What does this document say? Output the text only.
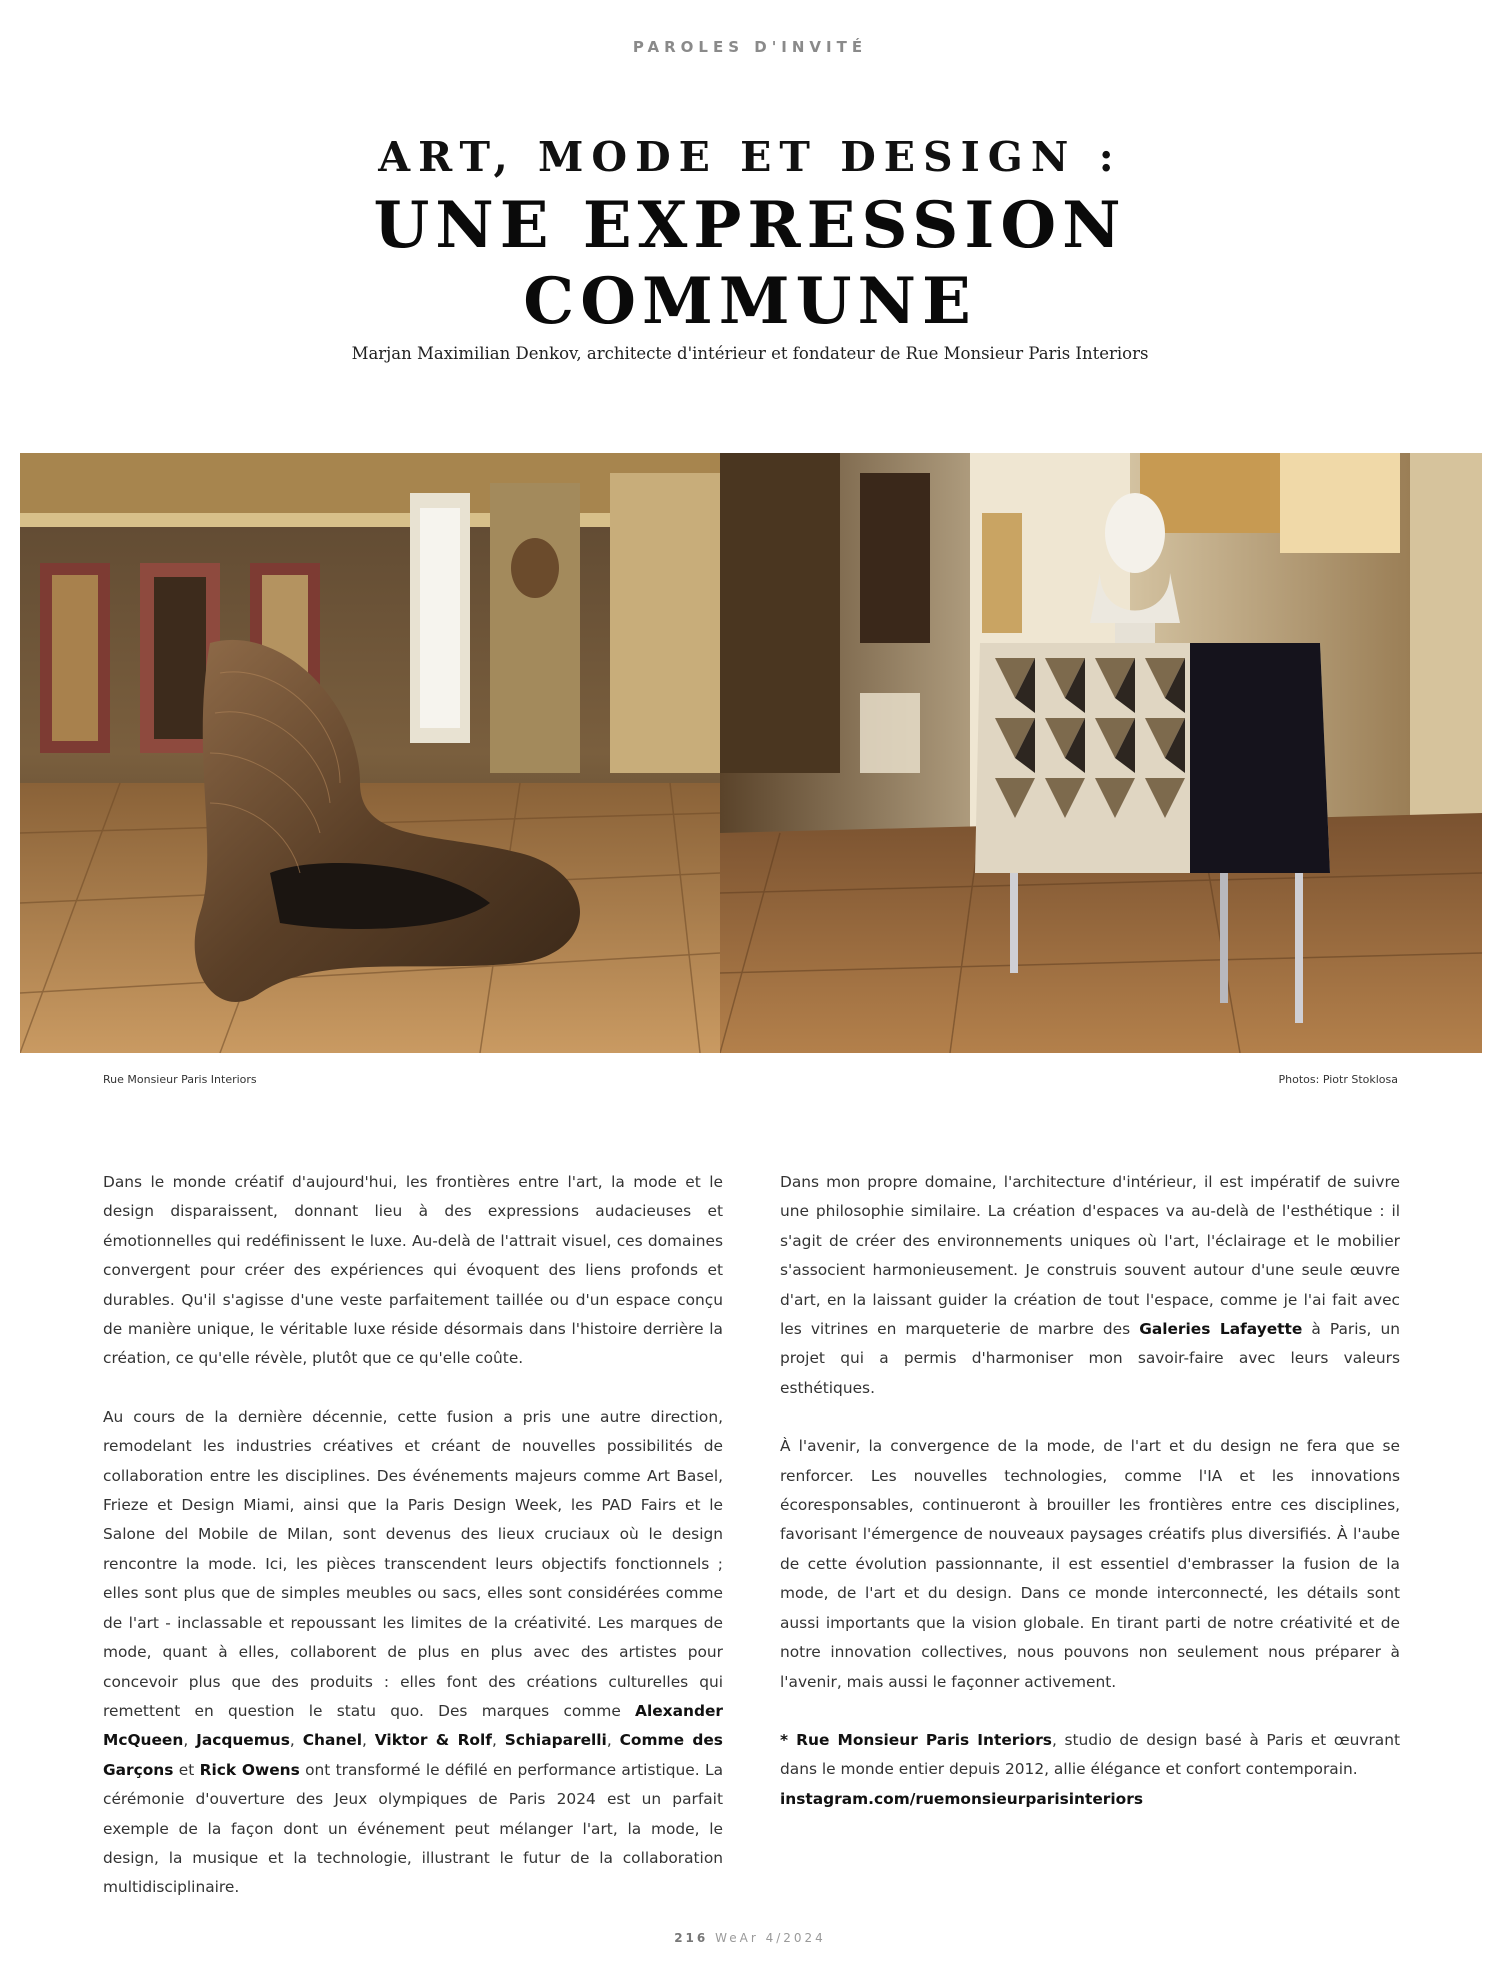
PAROLES D'INVITÉ
ART, MODE ET DESIGN :
UNE EXPRESSION
COMMUNE
Marjan Maximilian Denkov, architecte d'intérieur et fondateur de Rue Monsieur Paris Interiors
Rue Monsieur Paris Interiors	Photos: Piotr Stoklosa

Dans le monde créatif d'aujourd'hui, les frontières entre l'art, la mode et le design disparaissent, donnant lieu à des expressions audacieuses et émotionnelles qui redéfinissent le luxe. Au-delà de l'attrait visuel, ces domaines convergent pour créer des expériences qui évoquent des liens profonds et durables. Qu'il s'agisse d'une veste parfaitement taillée ou d'un espace conçu de manière unique, le véritable luxe réside désormais dans l'histoire derrière la création, ce qu'elle révèle, plutôt que ce qu'elle coûte.

Au cours de la dernière décennie, cette fusion a pris une autre direction, remodelant les industries créatives et créant de nouvelles possibilités de collaboration entre les disciplines. Des événements majeurs comme Art Basel, Frieze et Design Miami, ainsi que la Paris Design Week, les PAD Fairs et le Salone del Mobile de Milan, sont devenus des lieux cruciaux où le design rencontre la mode. Ici, les pièces transcendent leurs objectifs fonctionnels ; elles sont plus que de simples meubles ou sacs, elles sont considérées comme de l'art - inclassable et repoussant les limites de la créativité. Les marques de mode, quant à elles, collaborent de plus en plus avec des artistes pour concevoir plus que des produits : elles font des créations culturelles qui remettent en question le statu quo. Des marques comme Alexander McQueen, Jacquemus, Chanel, Viktor & Rolf, Schiaparelli, Comme des Garçons et Rick Owens ont transformé le défilé en performance artistique. La cérémonie d'ouverture des Jeux olympiques de Paris 2024 est un parfait exemple de la façon dont un événement peut mélanger l'art, la mode, le design, la musique et la technologie, illustrant le futur de la collaboration multidisciplinaire.

Dans mon propre domaine, l'architecture d'intérieur, il est impératif de suivre une philosophie similaire. La création d'espaces va au-delà de l'esthétique : il s'agit de créer des environnements uniques où l'art, l'éclairage et le mobilier s'associent harmonieusement. Je construis souvent autour d'une seule œuvre d'art, en la laissant guider la création de tout l'espace, comme je l'ai fait avec les vitrines en marqueterie de marbre des Galeries Lafayette à Paris, un projet qui a permis d'harmoniser mon savoir-faire avec leurs valeurs esthétiques.

À l'avenir, la convergence de la mode, de l'art et du design ne fera que se renforcer. Les nouvelles technologies, comme l'IA et les innovations écoresponsables, continueront à brouiller les frontières entre ces disciplines, favorisant l'émergence de nouveaux paysages créatifs plus diversifiés. À l'aube de cette évolution passionnante, il est essentiel d'embrasser la fusion de la mode, de l'art et du design. Dans ce monde interconnecté, les détails sont aussi importants que la vision globale. En tirant parti de notre créativité et de notre innovation collectives, nous pouvons non seulement nous préparer à l'avenir, mais aussi le façonner activement.

* Rue Monsieur Paris Interiors, studio de design basé à Paris et œuvrant dans le monde entier depuis 2012, allie élégance et confort contemporain.
instagram.com/ruemonsieurparisinteriors

216 WeAr 4/2024
